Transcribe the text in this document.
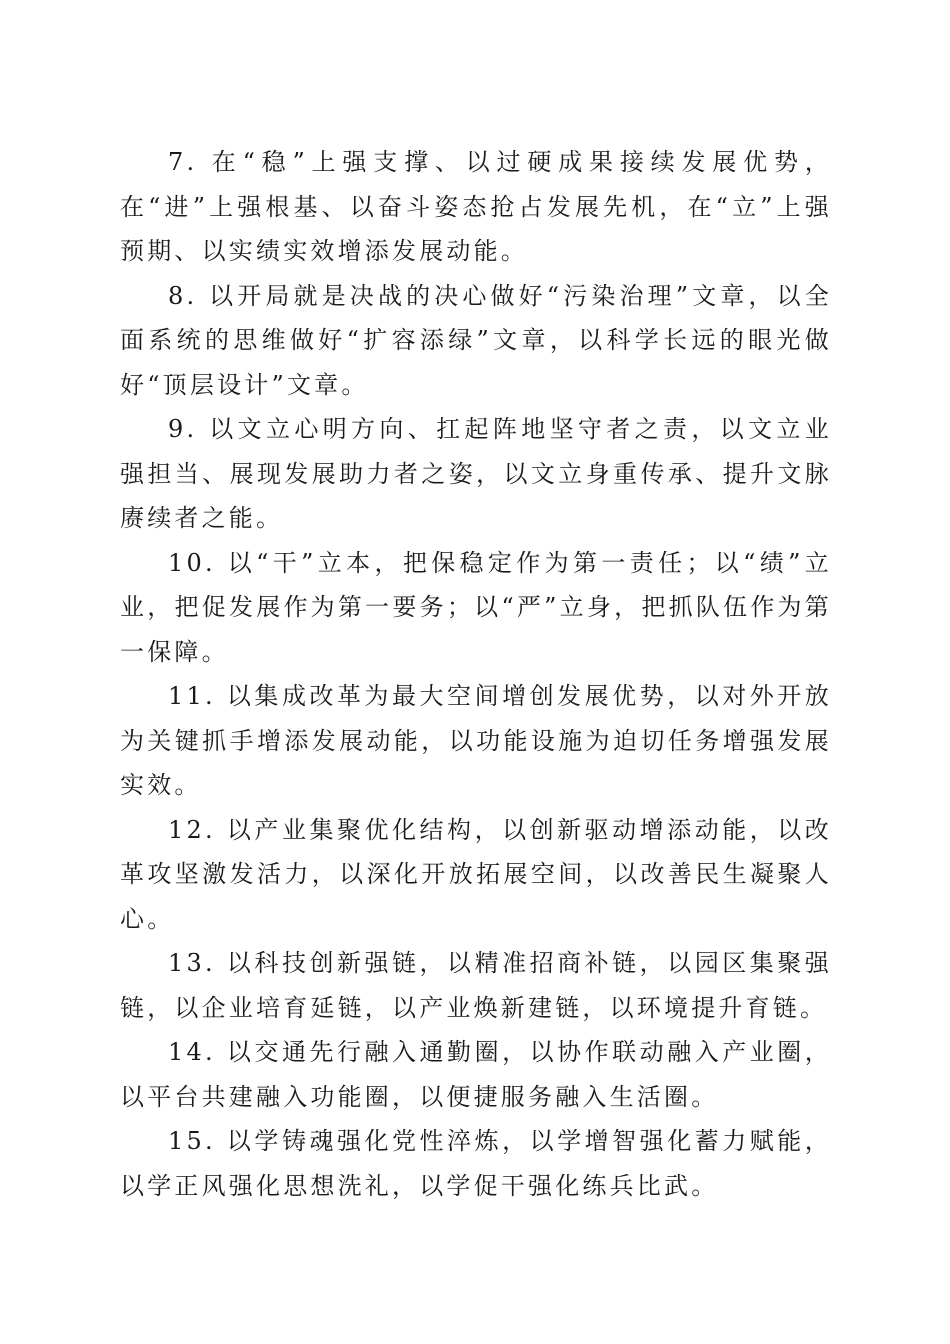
7. 在“稳”上强支撑、以过硬成果接续发展优势，在“进”上强根基、以奋斗姿态抢占发展先机，在“立”上强预期、以实绩实效增添发展动能。

8. 以开局就是决战的决心做好“污染治理”文章，以全面系统的思维做好“扩容添绿”文章，以科学长远的眼光做好“顶层设计”文章。

9. 以文立心明方向、扛起阵地坚守者之责，以文立业强担当、展现发展助力者之姿，以文立身重传承、提升文脉赓续者之能。

10. 以“干”立本，把保稳定作为第一责任；以“绩”立业，把促发展作为第一要务；以“严”立身，把抓队伍作为第一保障。

11. 以集成改革为最大空间增创发展优势，以对外开放为关键抓手增添发展动能，以功能设施为迫切任务增强发展实效。

12. 以产业集聚优化结构，以创新驱动增添动能，以改革攻坚激发活力，以深化开放拓展空间，以改善民生凝聚人心。

13. 以科技创新强链，以精准招商补链，以园区集聚强链，以企业培育延链，以产业焕新建链，以环境提升育链。

14. 以交通先行融入通勤圈，以协作联动融入产业圈，以平台共建融入功能圈，以便捷服务融入生活圈。

15. 以学铸魂强化党性淬炼，以学增智强化蓄力赋能，以学正风强化思想洗礼，以学促干强化练兵比武。
